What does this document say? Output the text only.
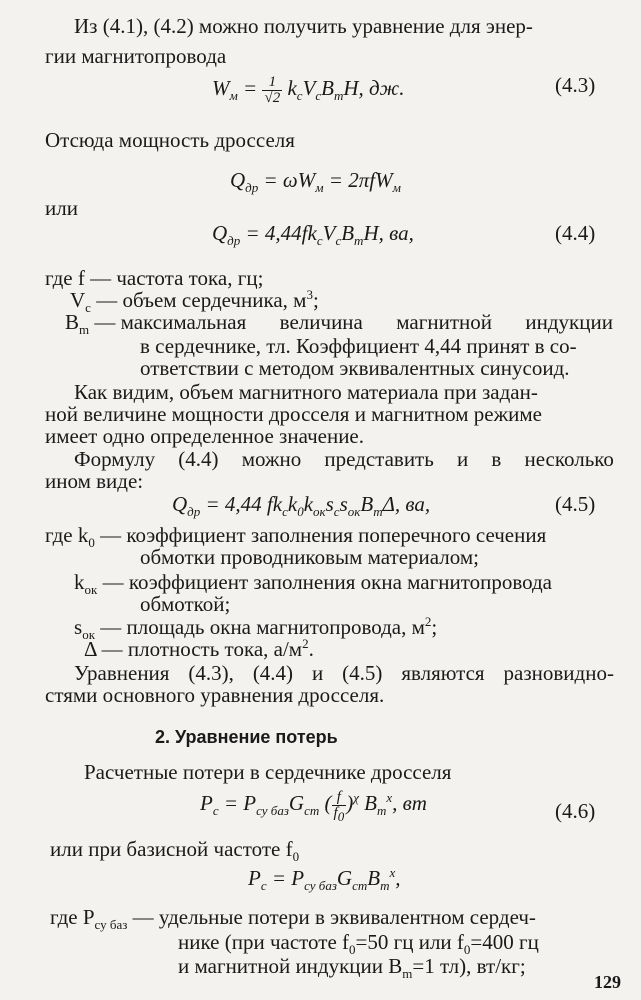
Из (4.1), (4.2) можно получить уравнение для энер-
гии магнитопровода
$W_м = \frac{1}{√2} k_cV_cB_mH$, дж.	(4.3)
Отсюда мощность дросселя
$Q_{др} = \omega W_м = 2\pi fW_м$
или
$Q_{др} = 4,44fk_cV_cB_mH$, ва,	(4.4)
где f — частота тока, гц;
$V_c$ — объем сердечника, $м^3$;
$B_m$ — максимальная величина магнитной индукции
в сердечнике, тл. Коэффициент 4,44 принят в со-
ответствии с методом эквивалентных синусоид.
Как видим, объем магнитного материала при задан-
ной величине мощности дросселя и магнитном режиме
имеет одно определенное значение.
Формулу (4.4) можно представить и в несколько
ином виде:
$Q_{др} = 4,44$ $fk_ck_0k_{ок}s_cs_{ок}B_m\Delta$, ва,	(4.5)
где $k_0$ — коэффициент заполнения поперечного сечения
обмотки проводниковым материалом;
$k_{ок}$ — коэффициент заполнения окна магнитопровода
обмоткой;
$s_{ок}$ — площадь окна магнитопровода, $м^2$;
Δ — плотность тока, $а/м^2$.
Уравнения (4.3), (4.4) и (4.5) являются разновидно-
стями основного уравнения дросселя.
2. Уравнение потерь
Расчетные потери в сердечнике дросселя
$P_c = P_{су баз}G_{ст}$ ( $\frac{f}{f_0} )^\chi$ $B_m^x$, вт	(4.6)
или при базисной частоте $f_0$
$P_c = P_{су баз}G_{ст}B_m^x$,
где $P_{су баз}$ — удельные потери в эквивалентном сердеч-
нике (при частоте $f_0=50$ гц или $f_0=400$ гц
и магнитной индукции $B_m=1$ тл), вт/кг;
129
